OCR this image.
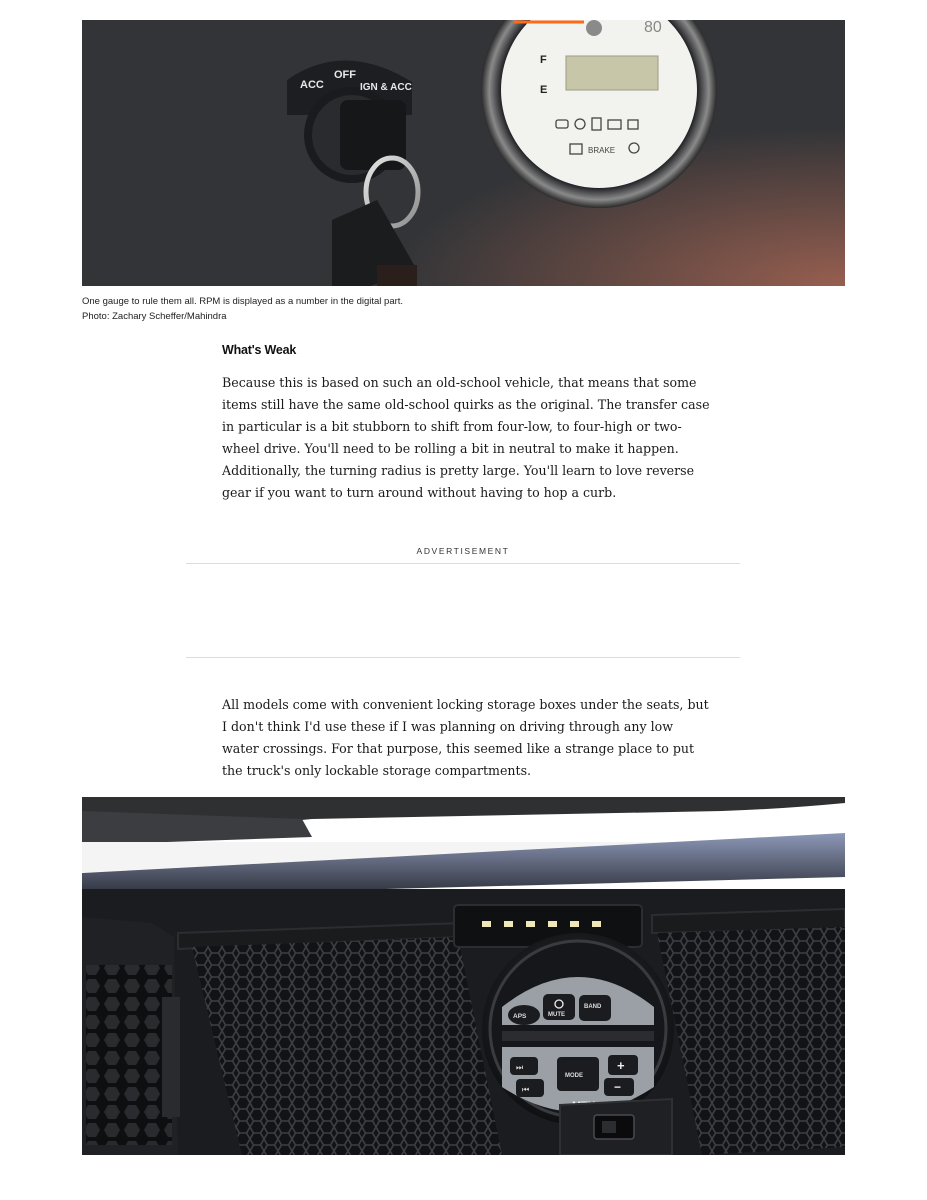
ACC
OFF
IGN & ACC
F
E
80
BRAKE
One gauge to rule them all. RPM is displayed as a number in the digital part.
Photo: Zachary Scheffer/Mahindra
What's Weak

Because this is based on such an old-school vehicle, that means that some items still have the same old-school quirks as the original. The transfer case in particular is a bit stubborn to shift from four-low, to four-high or two-wheel drive. You'll need to be rolling a bit in neutral to make it happen. Additionally, the turning radius is pretty large. You'll learn to love reverse gear if you want to turn around without having to hop a curb.

ADVERTISEMENT

All models come with convenient locking storage boxes under the seats, but I don't think I'd use these if I was planning on driving through any low water crossings. For that purpose, this seemed like a strange place to put the truck's only lockable storage compartments.

APS	MUTE
BAND
⏭
⏮
MODE
+
−
